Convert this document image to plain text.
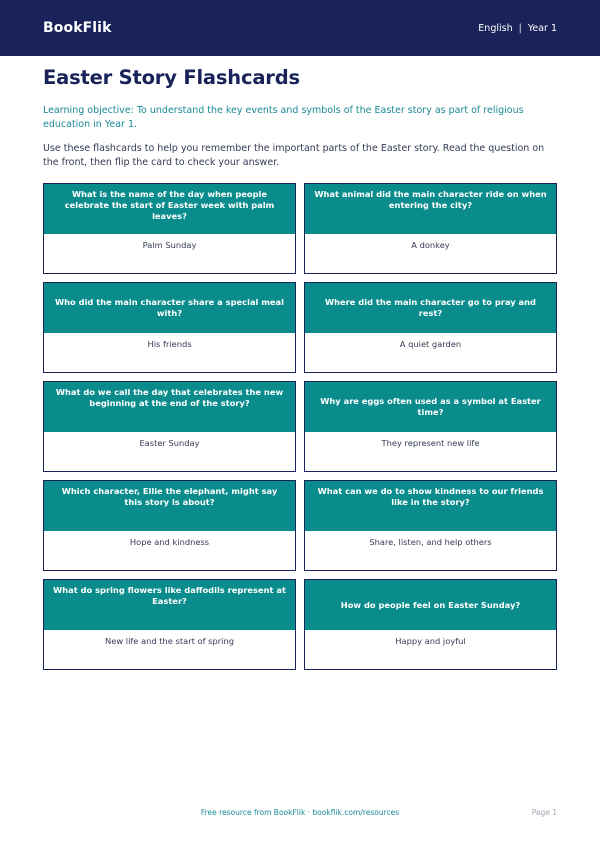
BookFlik	English | Year 1
Easter Story Flashcards

Learning objective: To understand the key events and symbols of the Easter story as part of religious education in Year 1.

Use these flashcards to help you remember the important parts of the Easter story. Read the question on the front, then flip the card to check your answer.

What is the name of the day when people celebrate the start of Easter week with palm leaves?
Palm Sunday
What animal did the main character ride on when entering the city?
A donkey
Who did the main character share a special meal with?
His friends
Where did the main character go to pray and rest?
A quiet garden
What do we call the day that celebrates the new beginning at the end of the story?
Easter Sunday
Why are eggs often used as a symbol at Easter time?
They represent new life
Which character, Ellie the elephant, might say this story is about?
Hope and kindness
What can we do to show kindness to our friends like in the story?
Share, listen, and help others
What do spring flowers like daffodils represent at Easter?
New life and the start of spring
How do people feel on Easter Sunday?
Happy and joyful
Free resource from BookFlik · bookflik.com/resources	Page 1
